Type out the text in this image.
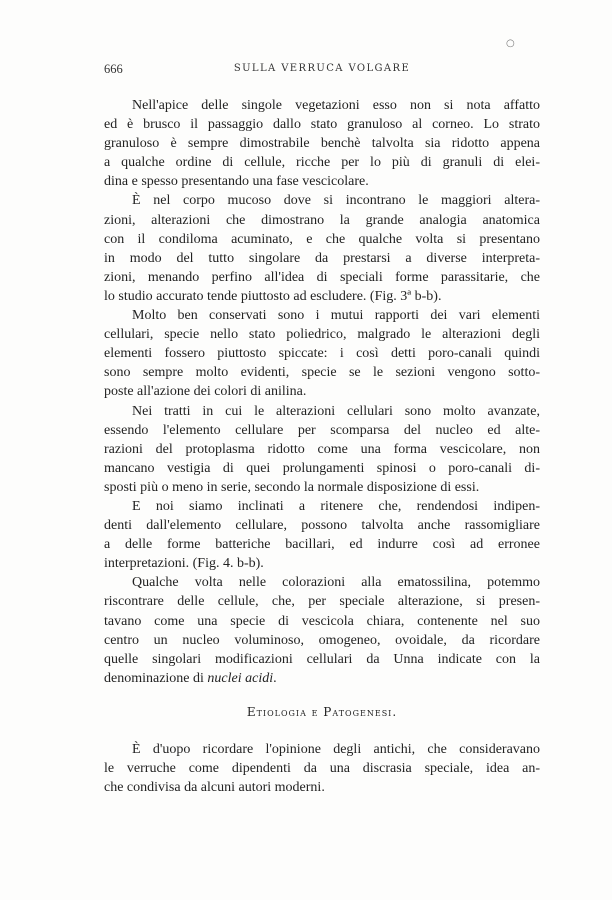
○
666	SULLA VERRUCA VOLGARE
Nell'apice delle singole vegetazioni esso non si nota affatto
ed è brusco il passaggio dallo stato granuloso al corneo. Lo strato
granuloso è sempre dimostrabile benchè talvolta sia ridotto appena
a qualche ordine di cellule, ricche per lo più di granuli di elei-
dina e spesso presentando una fase vescicolare.
È nel corpo mucoso dove si incontrano le maggiori altera-
zioni, alterazioni che dimostrano la grande analogia anatomica
con il condiloma acuminato, e che qualche volta si presentano
in modo del tutto singolare da prestarsi a diverse interpreta-
zioni, menando perfino all'idea di speciali forme parassitarie, che
lo studio accurato tende piuttosto ad escludere. (Fig. 3ª b-b).
Molto ben conservati sono i mutui rapporti dei vari elementi
cellulari, specie nello stato poliedrico, malgrado le alterazioni degli
elementi fossero piuttosto spiccate: i così detti poro-canali quindi
sono sempre molto evidenti, specie se le sezioni vengono sotto-
poste all'azione dei colori di anilina.
Nei tratti in cui le alterazioni cellulari sono molto avanzate,
essendo l'elemento cellulare per scomparsa del nucleo ed alte-
razioni del protoplasma ridotto come una forma vescicolare, non
mancano vestigia di quei prolungamenti spinosi o poro-canali di-
sposti più o meno in serie, secondo la normale disposizione di essi.
E noi siamo inclinati a ritenere che, rendendosi indipen-
denti dall'elemento cellulare, possono talvolta anche rassomigliare
a delle forme batteriche bacillari, ed indurre così ad erronee
interpretazioni. (Fig. 4. b-b).
Qualche volta nelle colorazioni alla ematossilina, potemmo
riscontrare delle cellule, che, per speciale alterazione, si presen-
tavano come una specie di vescicola chiara, contenente nel suo
centro un nucleo voluminoso, omogeneo, ovoidale, da ricordare
quelle singolari modificazioni cellulari da Unna indicate con la
denominazione di nuclei acidi.
Etiologia e Patogenesi.
È d'uopo ricordare l'opinione degli antichi, che consideravano
le verruche come dipendenti da una discrasia speciale, idea an-
che condivisa da alcuni autori moderni.
